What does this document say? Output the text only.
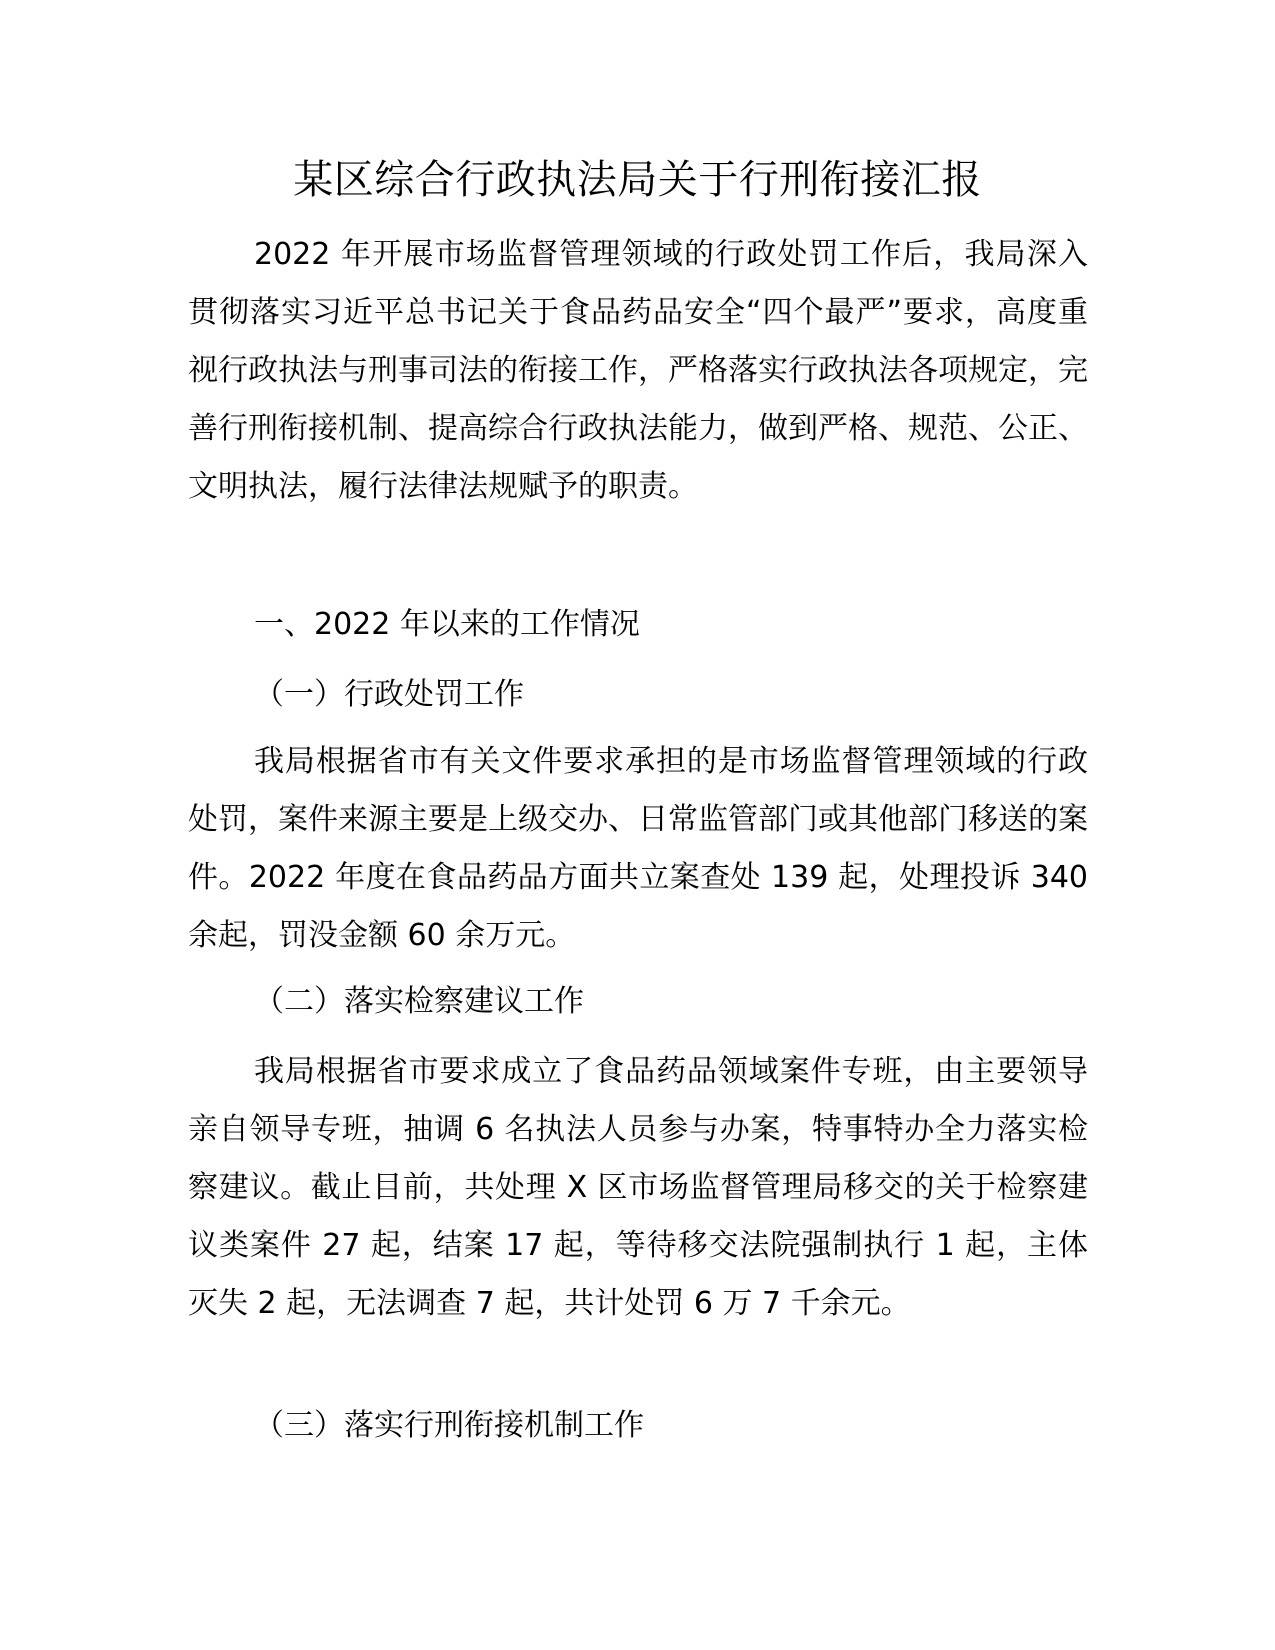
某区综合行政执法局关于行刑衔接汇报

2022 年开展市场监督管理领域的行政处罚工作后，我局深入贯彻落实习近平总书记关于食品药品安全“四个最严”要求，高度重视行政执法与刑事司法的衔接工作，严格落实行政执法各项规定，完善行刑衔接机制、提高综合行政执法能力，做到严格、规范、公正、文明执法，履行法律法规赋予的职责。

一、2022 年以来的工作情况

（一）行政处罚工作

我局根据省市有关文件要求承担的是市场监督管理领域的行政处罚，案件来源主要是上级交办、日常监管部门或其他部门移送的案件。2022 年度在食品药品方面共立案查处 139 起，处理投诉 340 余起，罚没金额 60 余万元。

（二）落实检察建议工作

我局根据省市要求成立了食品药品领域案件专班，由主要领导亲自领导专班，抽调 6 名执法人员参与办案，特事特办全力落实检察建议。截止目前，共处理 X 区市场监督管理局移交的关于检察建议类案件 27 起，结案 17 起，等待移交法院强制执行 1 起，主体灭失 2 起，无法调查 7 起，共计处罚 6 万 7 千余元。

（三）落实行刑衔接机制工作
